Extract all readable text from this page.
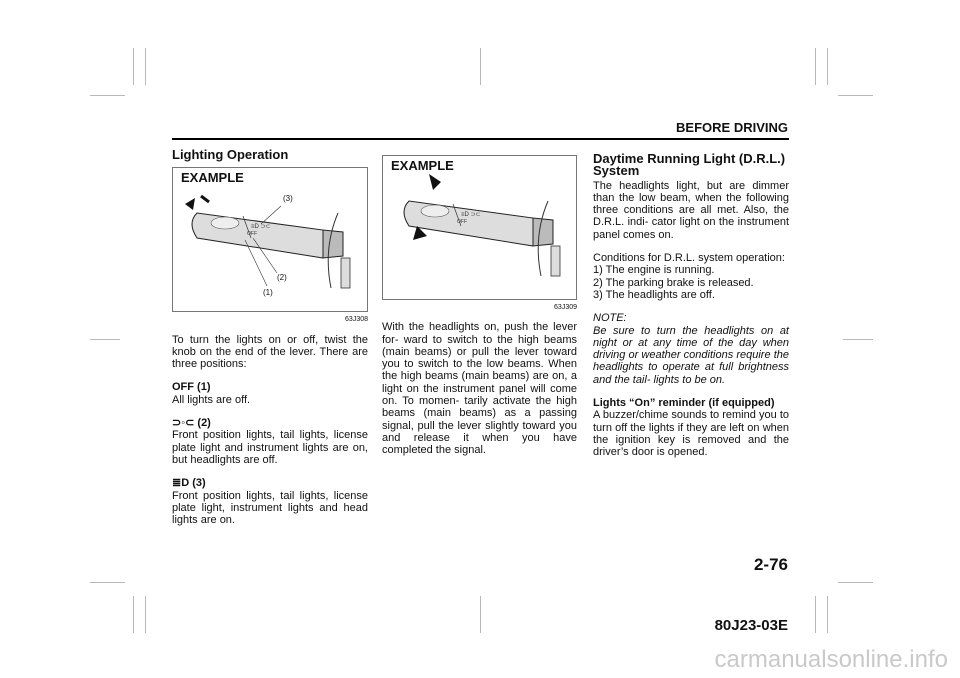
BEFORE DRIVING
Lighting Operation
EXAMPLE
≡D ⊃⊂
OFF
(3)
(2)
(1)
63J308

To turn the lights on or off, twist the knob on the end of the lever. There are three positions:

OFF (1)

All lights are off.

⊃◦⊂ (2)

Front position lights, tail lights, license plate light and instrument lights are on, but headlights are off.

≣D (3)

Front position lights, tail lights, license plate light, instrument lights and head lights are on.

EXAMPLE
≡D ⊃⊂
OFF
63J309

With the headlights on, push the lever for- ward to switch to the high beams (main beams) or pull the lever toward you to switch to the low beams. When the high beams (main beams) are on, a light on the instrument panel will come on. To momen- tarily activate the high beams (main beams) as a passing signal, pull the lever slightly toward you and release it when you have completed the signal.

Daytime Running Light (D.R.L.) System

The headlights light, but are dimmer than the low beam, when the following three conditions are all met. Also, the D.R.L. indi- cator light on the instrument panel comes on.

Conditions for D.R.L. system operation:

1) The engine is running.

2) The parking brake is released.

3) The headlights are off.

NOTE:
Be sure to turn the headlights on at night or at any time of the day when driving or weather conditions require the headlights to operate at full brightness and the tail- lights to be on.
Lights “On” reminder (if equipped)

A buzzer/chime sounds to remind you to turn off the lights if they are left on when the ignition key is removed and the driver’s door is opened.

2-76
80J23-03E
carmanualsonline.info
